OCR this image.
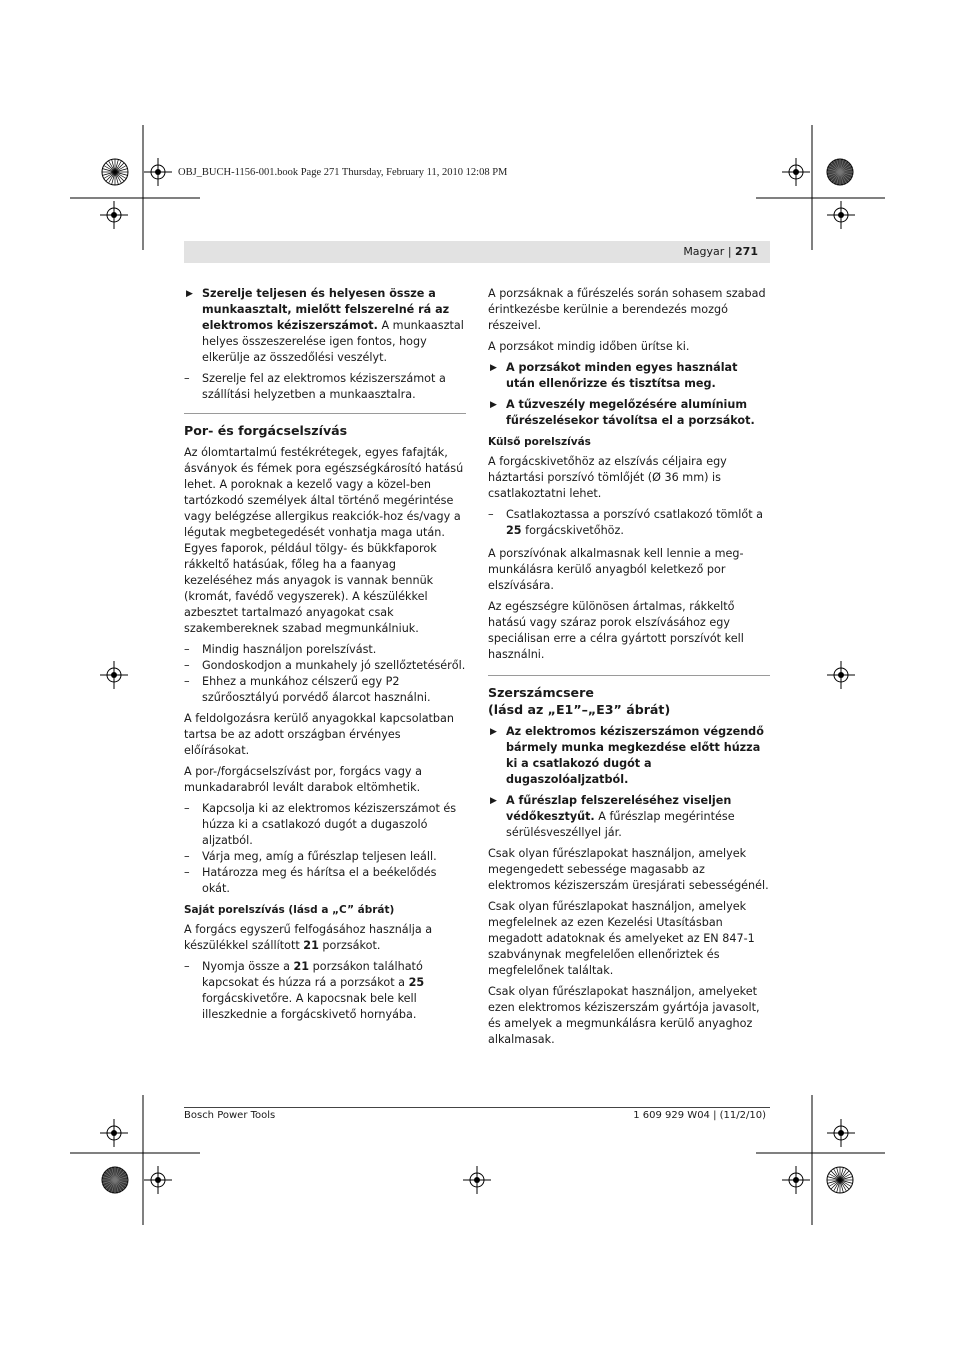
OBJ_BUCH-1156-001.book Page 271 Thursday, February 11, 2010 12:08 PM
Magyar | 271
▶ Szerelje teljesen és helyesen össze a munkaasztalt, mielőtt felszerelné rá az elektromos kéziszerszámot. A munkaasztal helyes összeszerelése igen fontos, hogy elkerülje az összedőlési veszélyt.
– Szerelje fel az elektromos kéziszerszámot a szállítási helyzetben a munkaasztalra.
Por- és forgácselszívás

Az ólomtartalmú festékrétegek, egyes fafajták, ásványok és fémek pora egészségkárosító hatású lehet. A poroknak a kezelő vagy a közel-ben tartózkodó személyek által történő megérintése vagy belégzése allergikus reakciók-hoz és/vagy a légutak megbetegedését vonhatja maga után.

Egyes faporok, például tölgy- és bükkfaporok rákkeltő hatásúak, főleg ha a faanyag kezeléséhez más anyagok is vannak bennük (kromát, favédő vegyszerek). A készülékkel azbesztet tartalmazó anyagokat csak szakembereknek szabad megmunkálniuk.

– Mindig használjon porelszívást.
– Gondoskodjon a munkahely jó szellőztetéséről.
– Ehhez a munkához célszerű egy P2 szűrőosztályú porvédő álarcot használni.

A feldolgozásra kerülő anyagokkal kapcsolatban tartsa be az adott országban érvényes előírásokat.

A por-/forgácselszívást por, forgács vagy a munkadarabról levált darabok eltömhetik.

– Kapcsolja ki az elektromos kéziszerszámot és húzza ki a csatlakozó dugót a dugaszoló aljzatból.
– Várja meg, amíg a fűrészlap teljesen leáll.
– Határozza meg és hárítsa el a beékelődés okát.
Saját porelszívás (lásd a „C” ábrát)

A forgács egyszerű felfogásához használja a készülékkel szállított 21 porzsákot.

– Nyomja össze a 21 porzsákon található kapcsokat és húzza rá a porzsákot a 25 forgácskivetőre. A kapocsnak bele kell illeszkednie a forgácskivető hornyába.

A porzsáknak a fűrészelés során sohasem szabad érintkezésbe kerülnie a berendezés mozgó részeivel.

A porzsákot mindig időben ürítse ki.

▶ A porzsákot minden egyes használat után ellenőrizze és tisztítsa meg.
▶ A tűzveszély megelőzésére alumínium fűrészelésekor távolítsa el a porzsákot.
Külső porelszívás

A forgácskivetőhöz az elszívás céljaira egy háztartási porszívó tömlőjét (Ø 36 mm) is csatlakoztatni lehet.

– Csatlakoztassa a porszívó csatlakozó tömlőt a 25 forgácskivetőhöz.

A porszívónak alkalmasnak kell lennie a meg-munkálásra kerülő anyagból keletkező por elszívására.

Az egészségre különösen ártalmas, rákkeltő hatású vagy száraz porok elszívásához egy speciálisan erre a célra gyártott porszívót kell használni.

Szerszámcsere
(lásd az „E1”–„E3” ábrát)
▶ Az elektromos kéziszerszámon végzendő bármely munka megkezdése előtt húzza ki a csatlakozó dugót a dugaszolóaljzatból.
▶ A fűrészlap felszereléséhez viseljen védőkesztyűt. A fűrészlap megérintése sérülésveszéllyel jár.

Csak olyan fűrészlapokat használjon, amelyek megengedett sebessége magasabb az elektromos kéziszerszám üresjárati sebességénél.

Csak olyan fűrészlapokat használjon, amelyek megfelelnek az ezen Kezelési Utasításban megadott adatoknak és amelyeket az EN 847-1 szabványnak megfelelően ellenőriztek és megfelelőnek találtak.

Csak olyan fűrészlapokat használjon, amelyeket ezen elektromos kéziszerszám gyártója javasolt, és amelyek a megmunkálásra kerülő anyaghoz alkalmasak.

Bosch Power Tools	1 609 929 W04 | (11/2/10)
